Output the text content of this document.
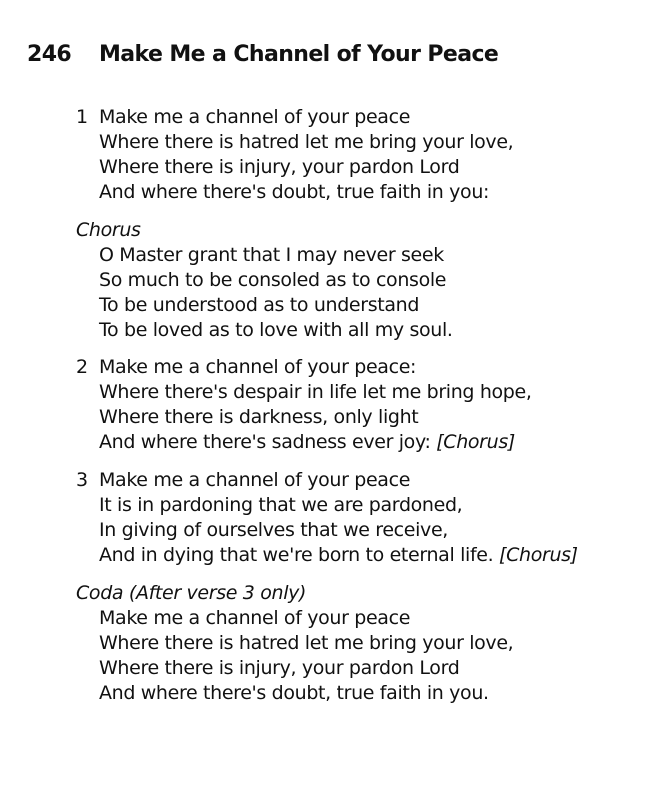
246 Make Me a Channel of Your Peace
1 Make me a channel of your peace
Where there is hatred let me bring your love,
Where there is injury, your pardon Lord
And where there's doubt, true faith in you:
Chorus
O Master grant that I may never seek
So much to be consoled as to console
To be understood as to understand
To be loved as to love with all my soul.
2 Make me a channel of your peace:
Where there's despair in life let me bring hope,
Where there is darkness, only light
And where there's sadness ever joy: [Chorus]
3 Make me a channel of your peace
It is in pardoning that we are pardoned,
In giving of ourselves that we receive,
And in dying that we're born to eternal life. [Chorus]
Coda (After verse 3 only)
Make me a channel of your peace
Where there is hatred let me bring your love,
Where there is injury, your pardon Lord
And where there's doubt, true faith in you.
